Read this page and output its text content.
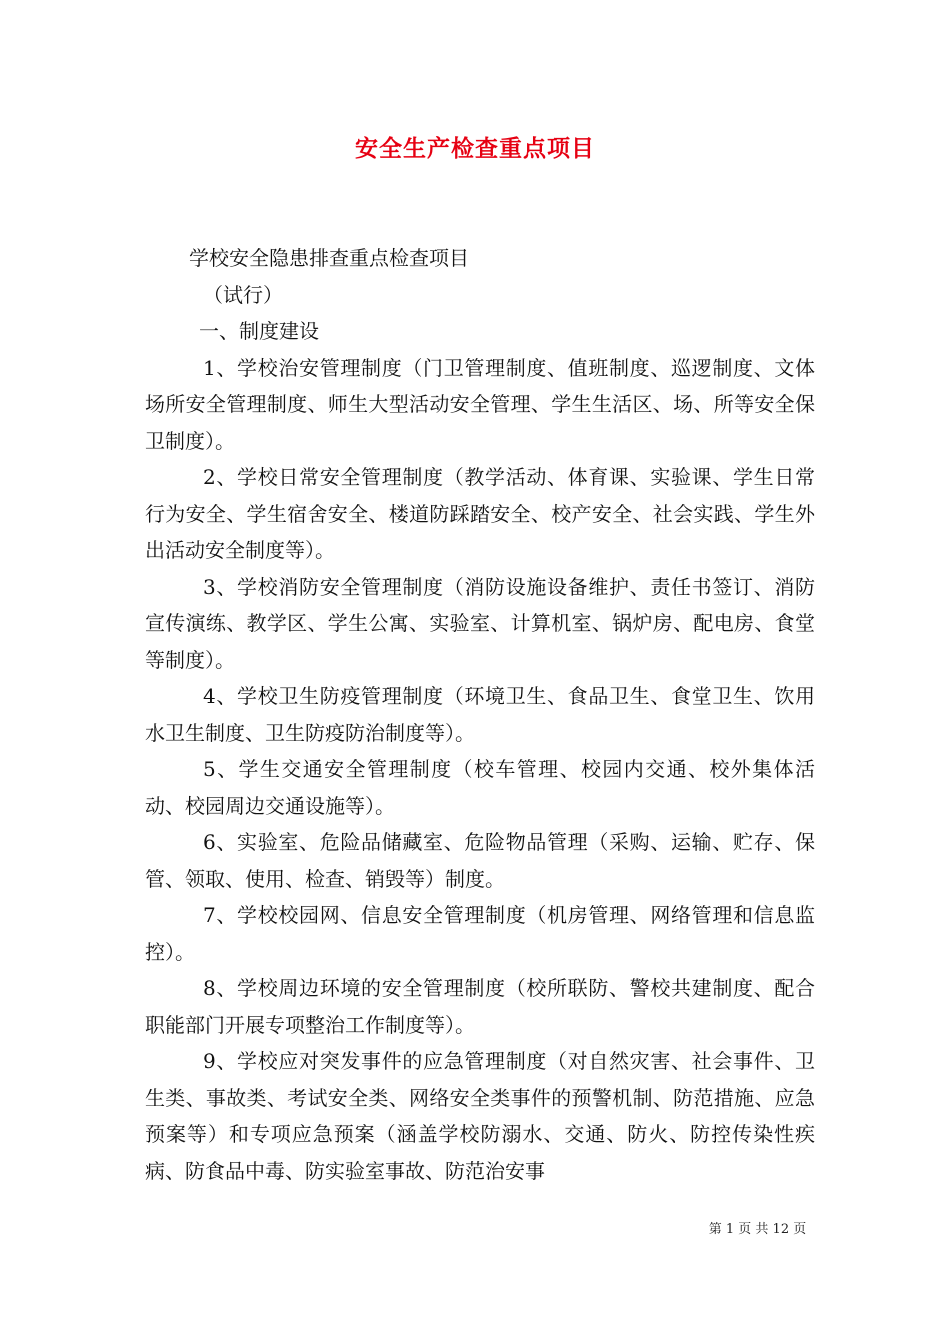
安全生产检查重点项目

学校安全隐患排查重点检查项目

（试行）

一、制度建设

1、学校治安管理制度（门卫管理制度、值班制度、巡逻制度、文体场所安全管理制度、师生大型活动安全管理、学生生活区、场、所等安全保卫制度）。

2、学校日常安全管理制度（教学活动、体育课、实验课、学生日常行为安全、学生宿舍安全、楼道防踩踏安全、校产安全、社会实践、学生外出活动安全制度等）。

3、学校消防安全管理制度（消防设施设备维护、责任书签订、消防宣传演练、教学区、学生公寓、实验室、计算机室、锅炉房、配电房、食堂等制度）。

4、学校卫生防疫管理制度（环境卫生、食品卫生、食堂卫生、饮用水卫生制度、卫生防疫防治制度等）。

5、学生交通安全管理制度（校车管理、校园内交通、校外集体活动、校园周边交通设施等）。

6、实验室、危险品储藏室、危险物品管理（采购、运输、贮存、保管、领取、使用、检查、销毁等）制度。

7、学校校园网、信息安全管理制度（机房管理、网络管理和信息监控）。

8、学校周边环境的安全管理制度（校所联防、警校共建制度、配合职能部门开展专项整治工作制度等）。

9、学校应对突发事件的应急管理制度（对自然灾害、社会事件、卫生类、事故类、考试安全类、网络安全类事件的预警机制、防范措施、应急预案等）和专项应急预案（涵盖学校防溺水、交通、防火、防控传染性疾病、防食品中毒、防实验室事故、防范治安事

第 1 页 共 12 页
